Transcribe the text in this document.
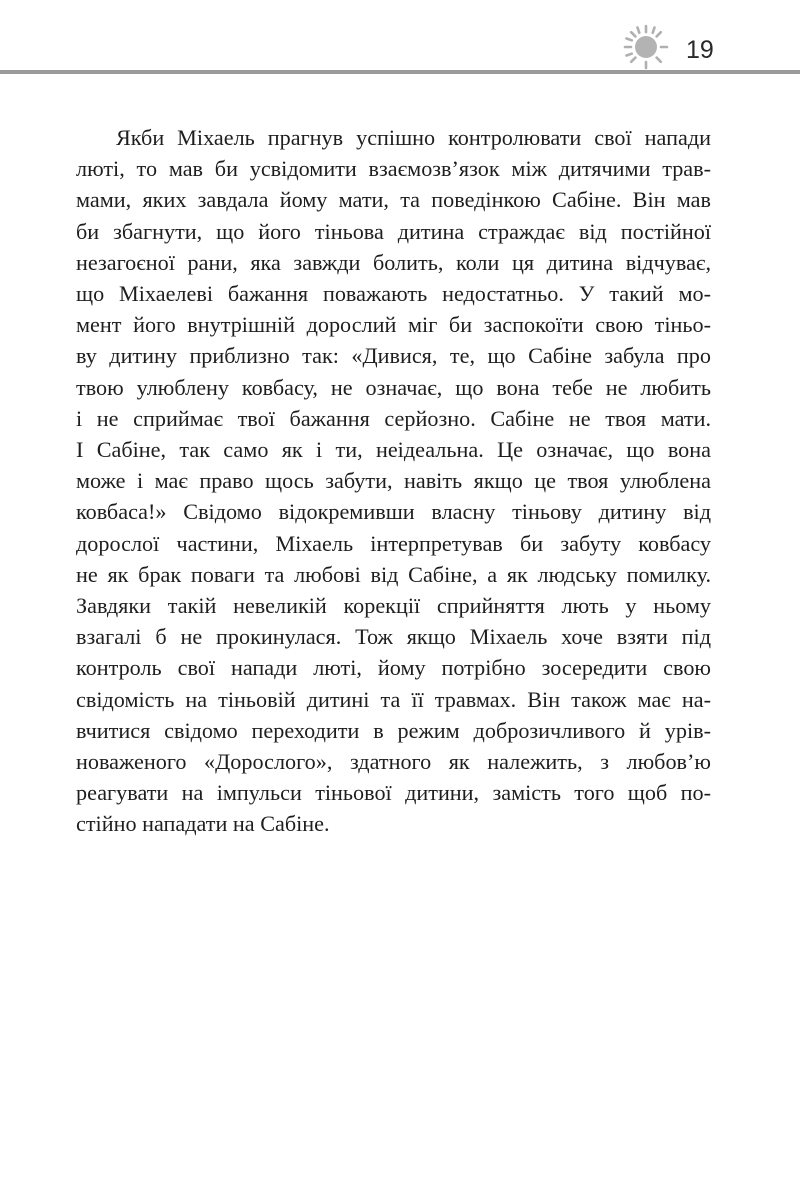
19
Якби Міхаель прагнув успішно контролювати свої напади
люті, то мав би усвідомити взаємозв’язок між дитячими трав-
мами, яких завдала йому мати, та поведінкою Сабіне. Він мав
би збагнути, що його тіньова дитина страждає від постійної
незагоєної рани, яка завжди болить, коли ця дитина відчуває,
що Міхаелеві бажання поважають недостатньо. У такий мо-
мент його внутрішній дорослий міг би заспокоїти свою тіньо-
ву дитину приблизно так: «Дивися, те, що Сабіне забула про
твою улюблену ковбасу, не означає, що вона тебе не любить
і не сприймає твої бажання серйозно. Сабіне не твоя мати.
І Сабіне, так само як і ти, неідеальна. Це означає, що вона
може і має право щось забути, навіть якщо це твоя улюблена
ковбаса!» Свідомо відокремивши власну тіньову дитину від
дорослої частини, Міхаель інтерпретував би забуту ковбасу
не як брак поваги та любові від Сабіне, а як людську помилку.
Завдяки такій невеликій корекції сприйняття лють у ньому
взагалі б не прокинулася. Тож якщо Міхаель хоче взяти під
контроль свої напади люті, йому потрібно зосередити свою
свідомість на тіньовій дитині та її травмах. Він також має на-
вчитися свідомо переходити в режим доброзичливого й урів-
новаженого «Дорослого», здатного як належить, з любов’ю
реагувати на імпульси тіньової дитини, замість того щоб по-
стійно нападати на Сабіне.
